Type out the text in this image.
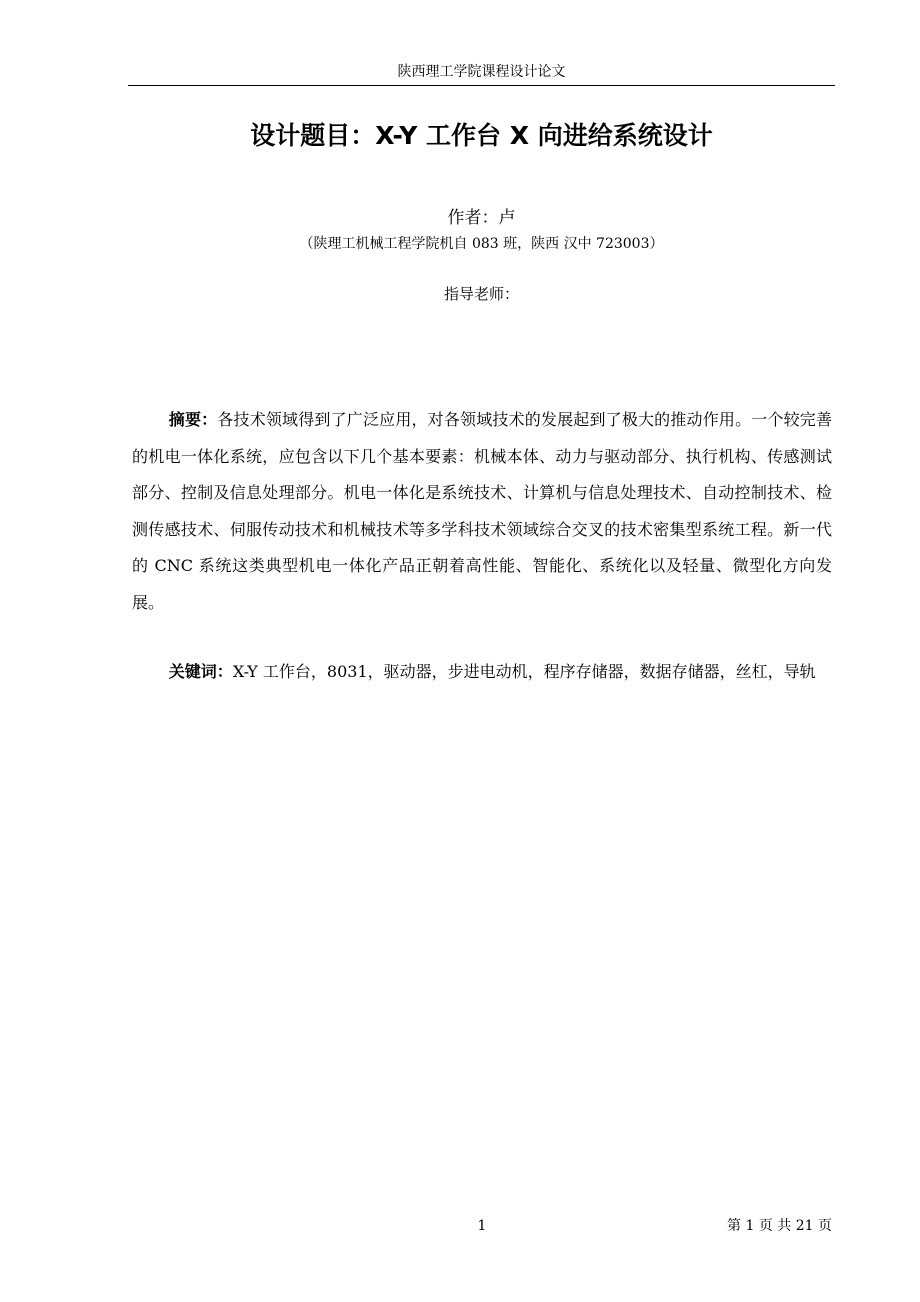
陕西理工学院课程设计论文
设计题目：X-Y 工作台 X 向进给系统设计
作者：卢
（陕理工机械工程学院机自 083 班，陕西 汉中 723003）
指导老师：

摘要：各技术领域得到了广泛应用，对各领域技术的发展起到了极大的推动作用。一个较完善的机电一体化系统，应包含以下几个基本要素：机械本体、动力与驱动部分、执行机构、传感测试部分、控制及信息处理部分。机电一体化是系统技术、计算机与信息处理技术、自动控制技术、检测传感技术、伺服传动技术和机械技术等多学科技术领域综合交叉的技术密集型系统工程。新一代的 CNC 系统这类典型机电一体化产品正朝着高性能、智能化、系统化以及轻量、微型化方向发展。

关键词：X-Y 工作台，8031，驱动器，步进电动机，程序存储器，数据存储器，丝杠，导轨

1	第 1 页 共 21 页
